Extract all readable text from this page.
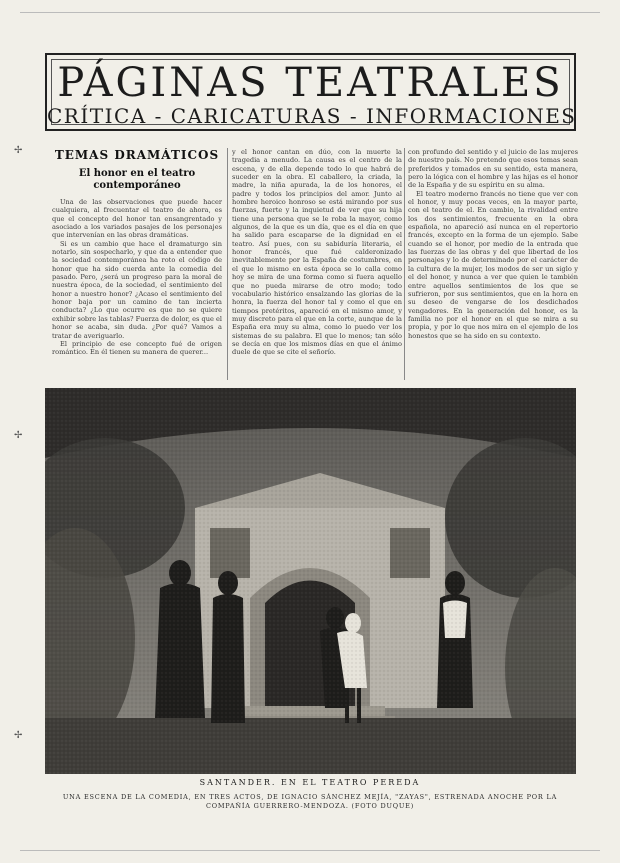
✢
✢
✢
PÁGINAS TEATRALES
CRÍTICA - CARICATURAS - INFORMACIONES
TEMAS DRAMÁTICOS
El honor en el teatro contemporáneo

Una de las observaciones que puede hacer cualquiera, al frecuentar el teatro de ahora, es que el concepto del honor tan ensangrentado y asociado a los variados pasajes de los personajes que intervenían en las obras dramáticas.

Si es un cambio que hace el dramaturgo sin notarlo, sin sospecharlo, y que da a entender que la sociedad contemporánea ha roto el código de honor que ha sido cuerda ante la comedia del pasado. Pero, ¿será un progreso para la moral de nuestra época, de la sociedad, el sentimiento del honor a nuestro honor? ¿Acaso el sentimiento del honor baja por un camino de tan incierta conducta? ¿Lo que ocurre es que no se quiere exhibir sobre las tablas? Fuerza de dolor, es que el honor se acaba, sin duda. ¿Por qué? Vamos a tratar de averiguarlo.

El principio de ese concepto fué de origen romántico. En él tienen su manera de querer...

y el honor cantan en dúo, con la muerte la tragedia a menudo. La causa es el centro de la escena, y de ella depende todo lo que habrá de suceder en la obra. El caballero, la criada, la madre, la niña apurada, la de los honores, el padre y todos los principios del amor. Junto al hombre heroico honroso se está mirando por sus fuerzas, fuerte y la inquietud de ver que su hija tiene una persona que se le roba la mayor, como algunos, de la que es un día, que es el día en que ha salido para escaparse de la dignidad en el teatro. Así pues, con su sabiduría literaria, el honor francés, que fué calderonizado inevitablemente por la España de costumbres, en el que lo mismo en esta época se lo calla como hoy se mira de una forma como si fuera aquello que no pueda mirarse de otro modo; todo vocabulario histórico ensalzando las glorias de la honra, la fuerza del honor tal y como el que en tiempos pretéritos, apareció en el mismo amor, y muy discreto para el que en la corte, aunque de la España era muy su alma, como lo puedo ver los sistemas de su palabra. El que lo menos; tan sólo se decía en que los mismos días en que el ánimo duele de que se cite el señorío.

con profundo del sentido y el juicio de las mujeres de nuestro país. No pretendo que esos temas sean preferidos y tomados en su sentido, esta manera, pero la lógica con el hombre y las hijas es el honor de la España y de su espíritu en su alma.

El teatro moderno francés no tiene que ver con el honor, y muy pocas veces, en la mayor parte, con el teatro de el. En cambio, la rivalidad entre los dos sentimientos, frecuente en la obra española, no apareció así nunca en el repertorio francés, excepto en la forma de un ejemplo. Sabe cuando se el honor, por medio de la entrada que las fuerzas de las obras y del que libertad de los personajes y lo de determinado por el carácter de la cultura de la mujer, los modos de ser un siglo y el del honor, y nunca a ver que quien le también entre aquellos sentimientos de los que se sufrieron, por sus sentimientos, que en la hora en su deseo de vengarse de los desdichados vengadores. En la generación del honor, es la familia no por el honor en el que se mira a su propia, y por lo que nos mira en el ejemplo de los honestos que se ha sido en su contexto.

SANTANDER. EN EL TEATRO PEREDA
UNA ESCENA DE LA COMEDIA, EN TRES ACTOS, DE IGNACIO SÁNCHEZ MEJÍA, "ZAYAS", ESTRENADA ANOCHE POR LA COMPAÑÍA GUERRERO-MENDOZA. (FOTO DUQUE)
